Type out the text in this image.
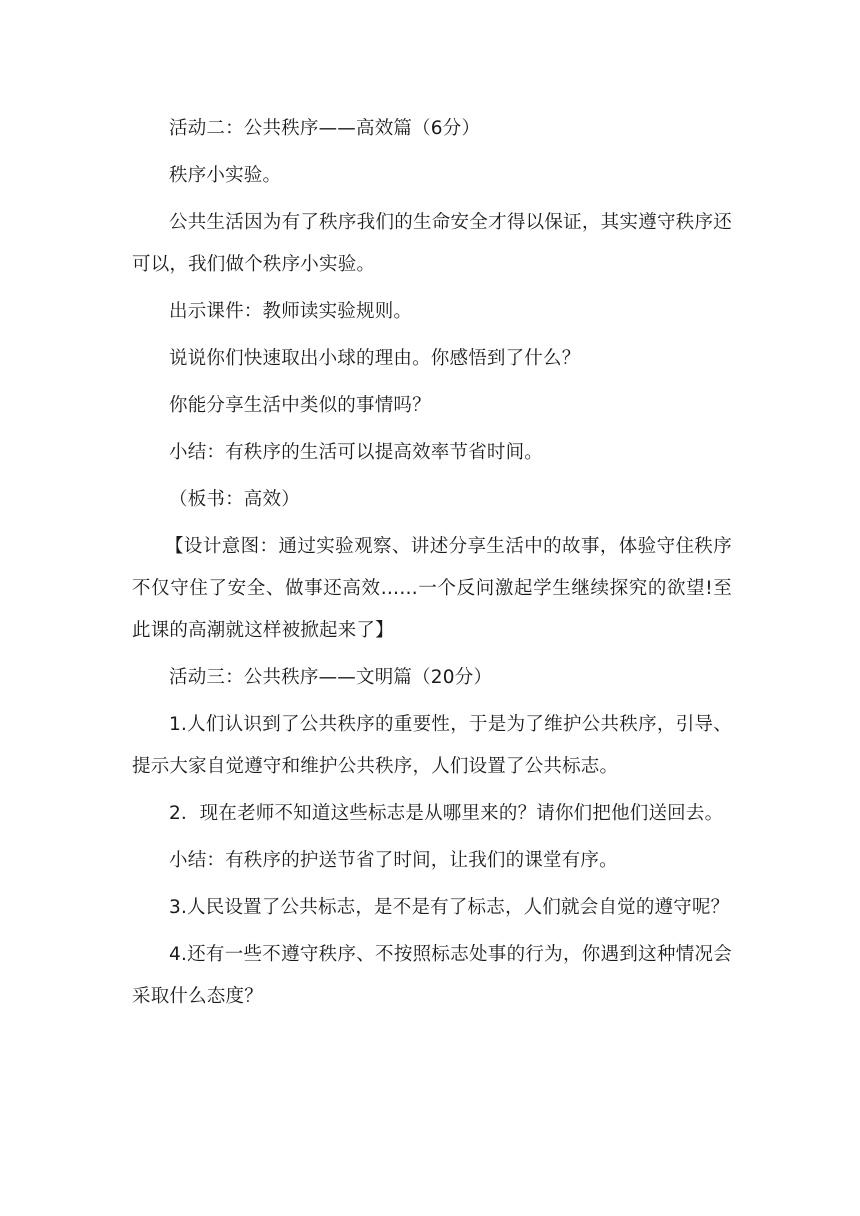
活动二：公共秩序——高效篇（6分）

秩序小实验。

公共生活因为有了秩序我们的生命安全才得以保证，其实遵守秩序还可以，我们做个秩序小实验。

出示课件：教师读实验规则。

说说你们快速取出小球的理由。你感悟到了什么？

你能分享生活中类似的事情吗？

小结：有秩序的生活可以提高效率节省时间。

（板书：高效）

【设计意图：通过实验观察、讲述分享生活中的故事，体验守住秩序不仅守住了安全、做事还高效……一个反问激起学生继续探究的欲望!至此课的高潮就这样被掀起来了】

活动三：公共秩序——文明篇（20分）

1.人们认识到了公共秩序的重要性，于是为了维护公共秩序，引导、提示大家自觉遵守和维护公共秩序，人们设置了公共标志。

2．现在老师不知道这些标志是从哪里来的？请你们把他们送回去。

小结：有秩序的护送节省了时间，让我们的课堂有序。

3.人民设置了公共标志，是不是有了标志，人们就会自觉的遵守呢？

4.还有一些不遵守秩序、不按照标志处事的行为，你遇到这种情况会采取什么态度？
